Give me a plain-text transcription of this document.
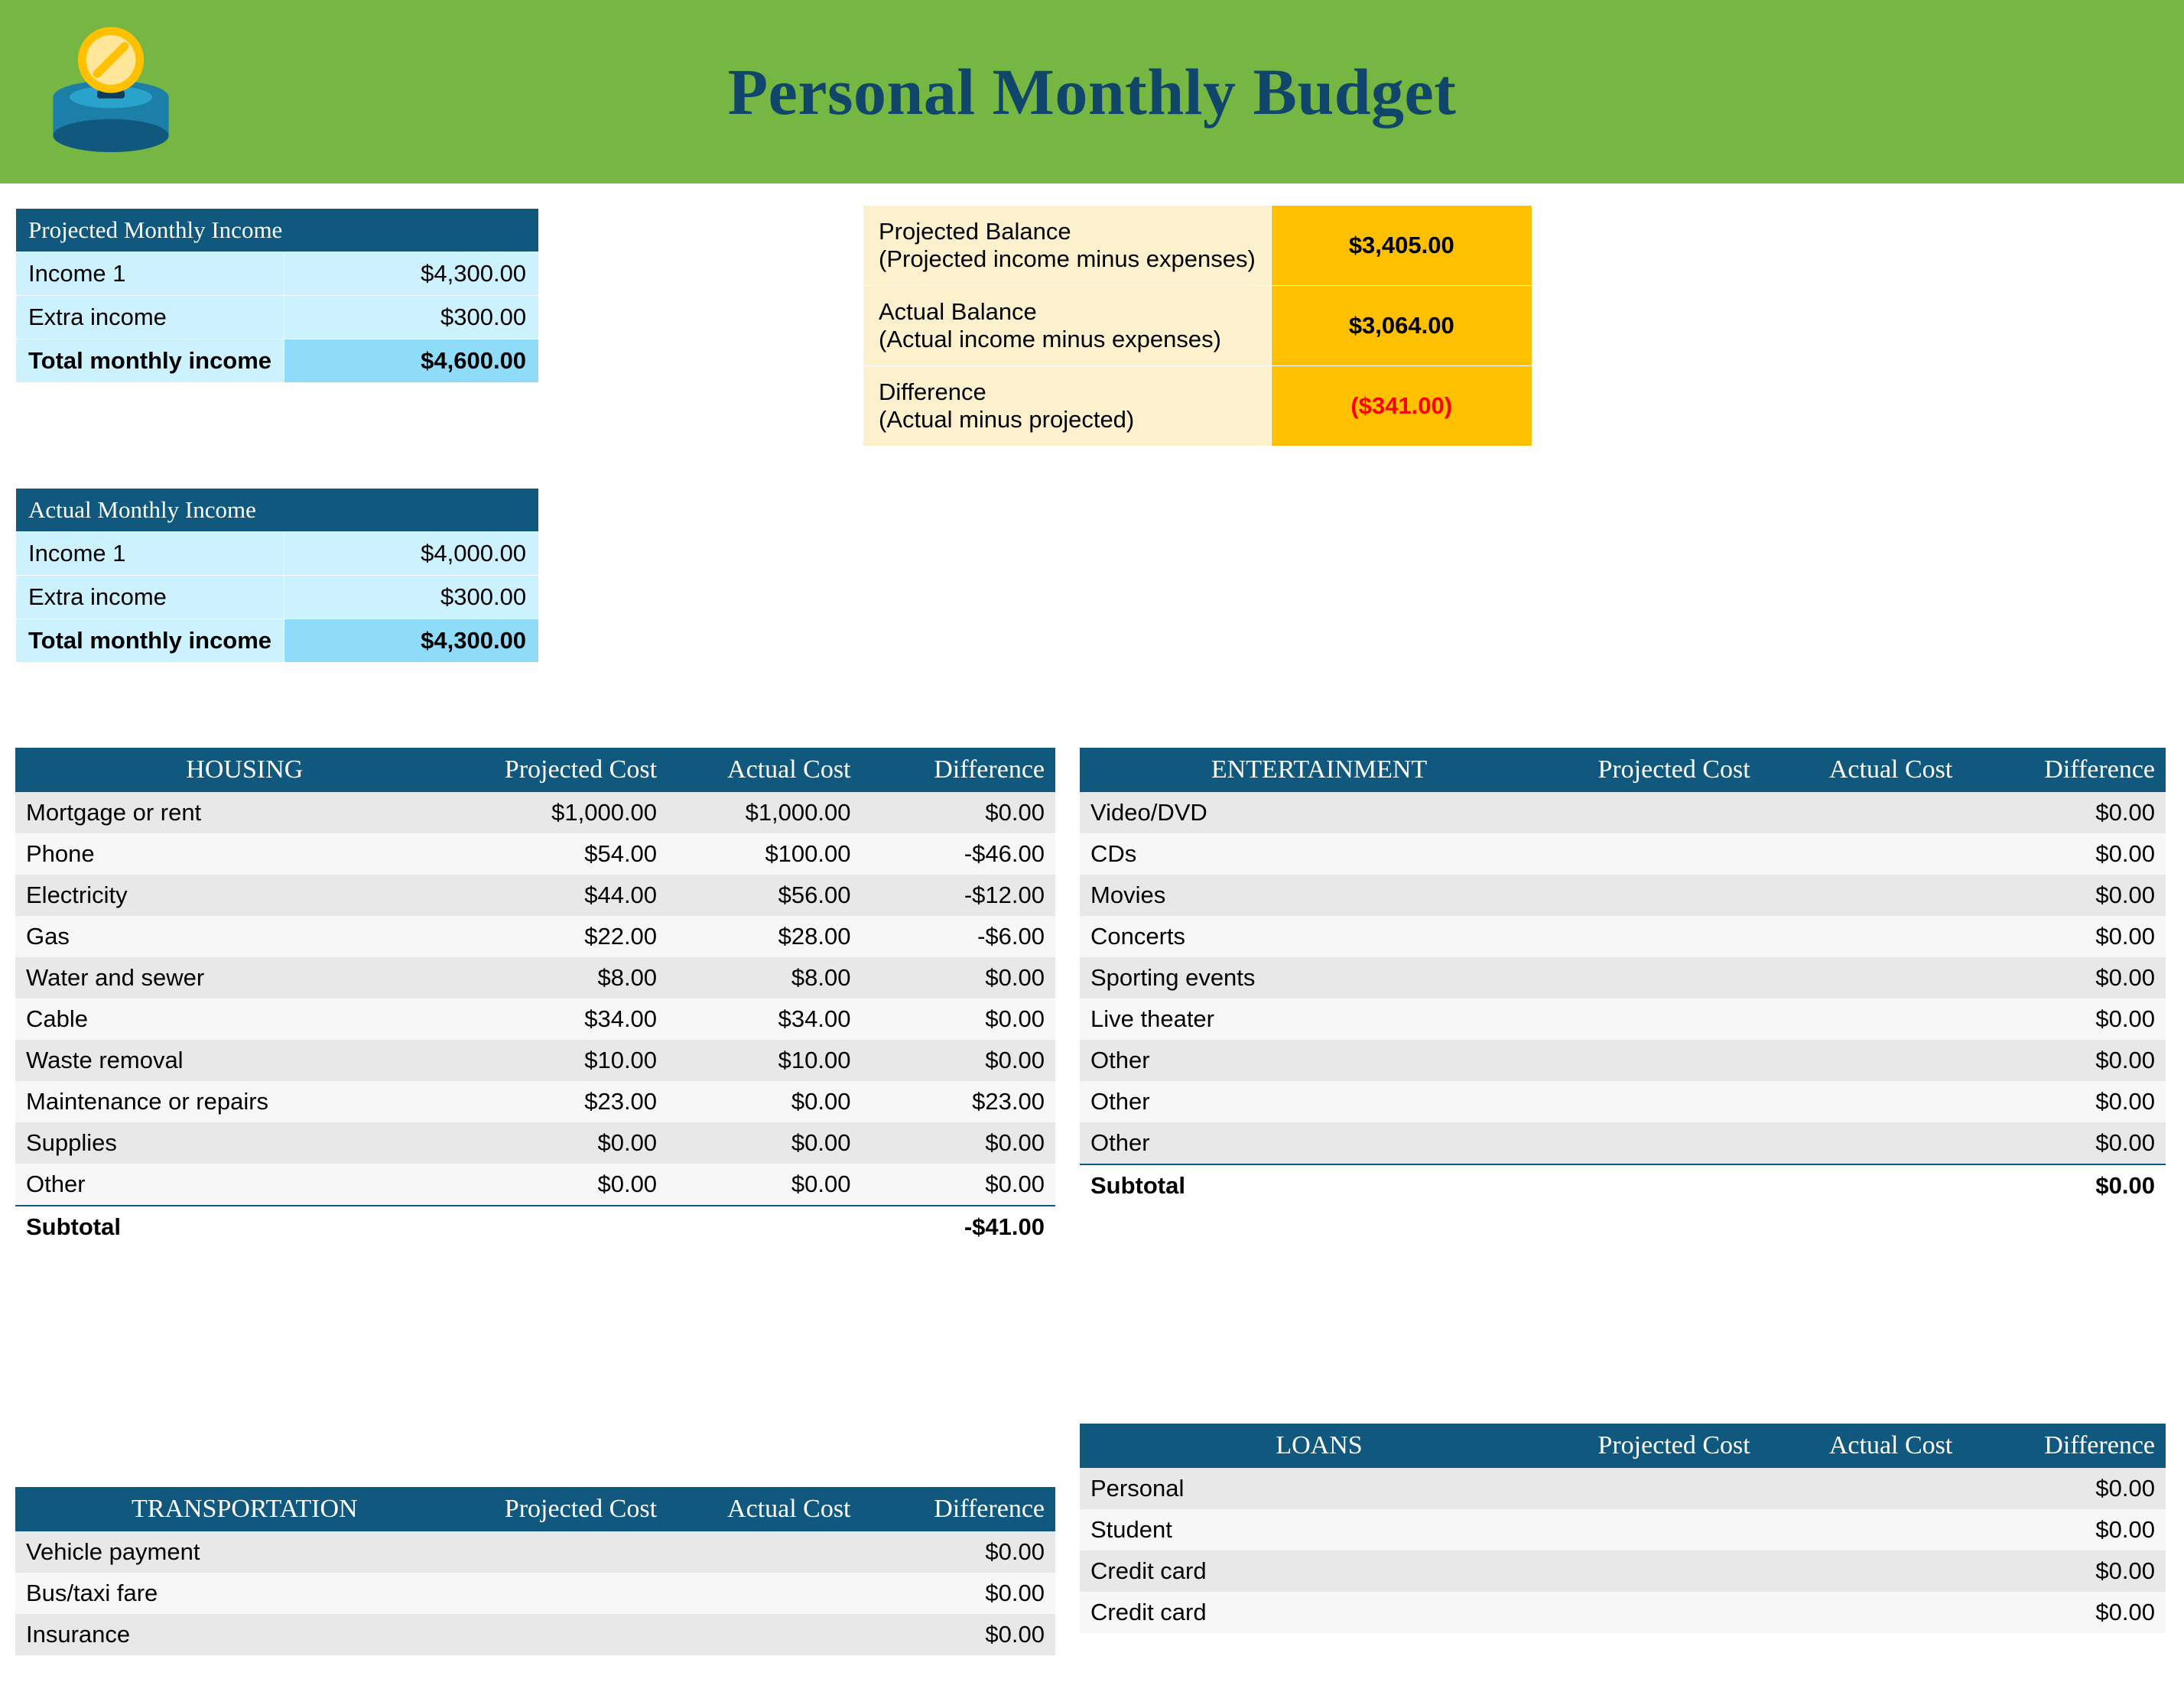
Personal Monthly Budget
Projected Monthly Income	
Income 1	$4,300.00
Extra income	$300.00
Total monthly income	$4,600.00
Actual Monthly Income	
Income 1	$4,000.00
Extra income	$300.00
Total monthly income	$4,300.00
Projected Balance
(Projected income minus expenses)	$3,405.00
Actual Balance
(Actual income minus expenses)	$3,064.00
Difference
(Actual minus projected)	($341.00)
HOUSING	Projected Cost	Actual Cost	Difference
Mortgage or rent	$1,000.00	$1,000.00	$0.00
Phone	$54.00	$100.00	-$46.00
Electricity	$44.00	$56.00	-$12.00
Gas	$22.00	$28.00	-$6.00
Water and sewer	$8.00	$8.00	$0.00
Cable	$34.00	$34.00	$0.00
Waste removal	$10.00	$10.00	$0.00
Maintenance or repairs	$23.00	$0.00	$23.00
Supplies	$0.00	$0.00	$0.00
Other	$0.00	$0.00	$0.00
Subtotal			-$41.00
TRANSPORTATION	Projected Cost	Actual Cost	Difference
Vehicle payment			$0.00
Bus/taxi fare			$0.00
Insurance			$0.00
ENTERTAINMENT	Projected Cost	Actual Cost	Difference
Video/DVD			$0.00
CDs			$0.00
Movies			$0.00
Concerts			$0.00
Sporting events			$0.00
Live theater			$0.00
Other			$0.00
Other			$0.00
Other			$0.00
Subtotal			$0.00
LOANS	Projected Cost	Actual Cost	Difference
Personal			$0.00
Student			$0.00
Credit card			$0.00
Credit card			$0.00
